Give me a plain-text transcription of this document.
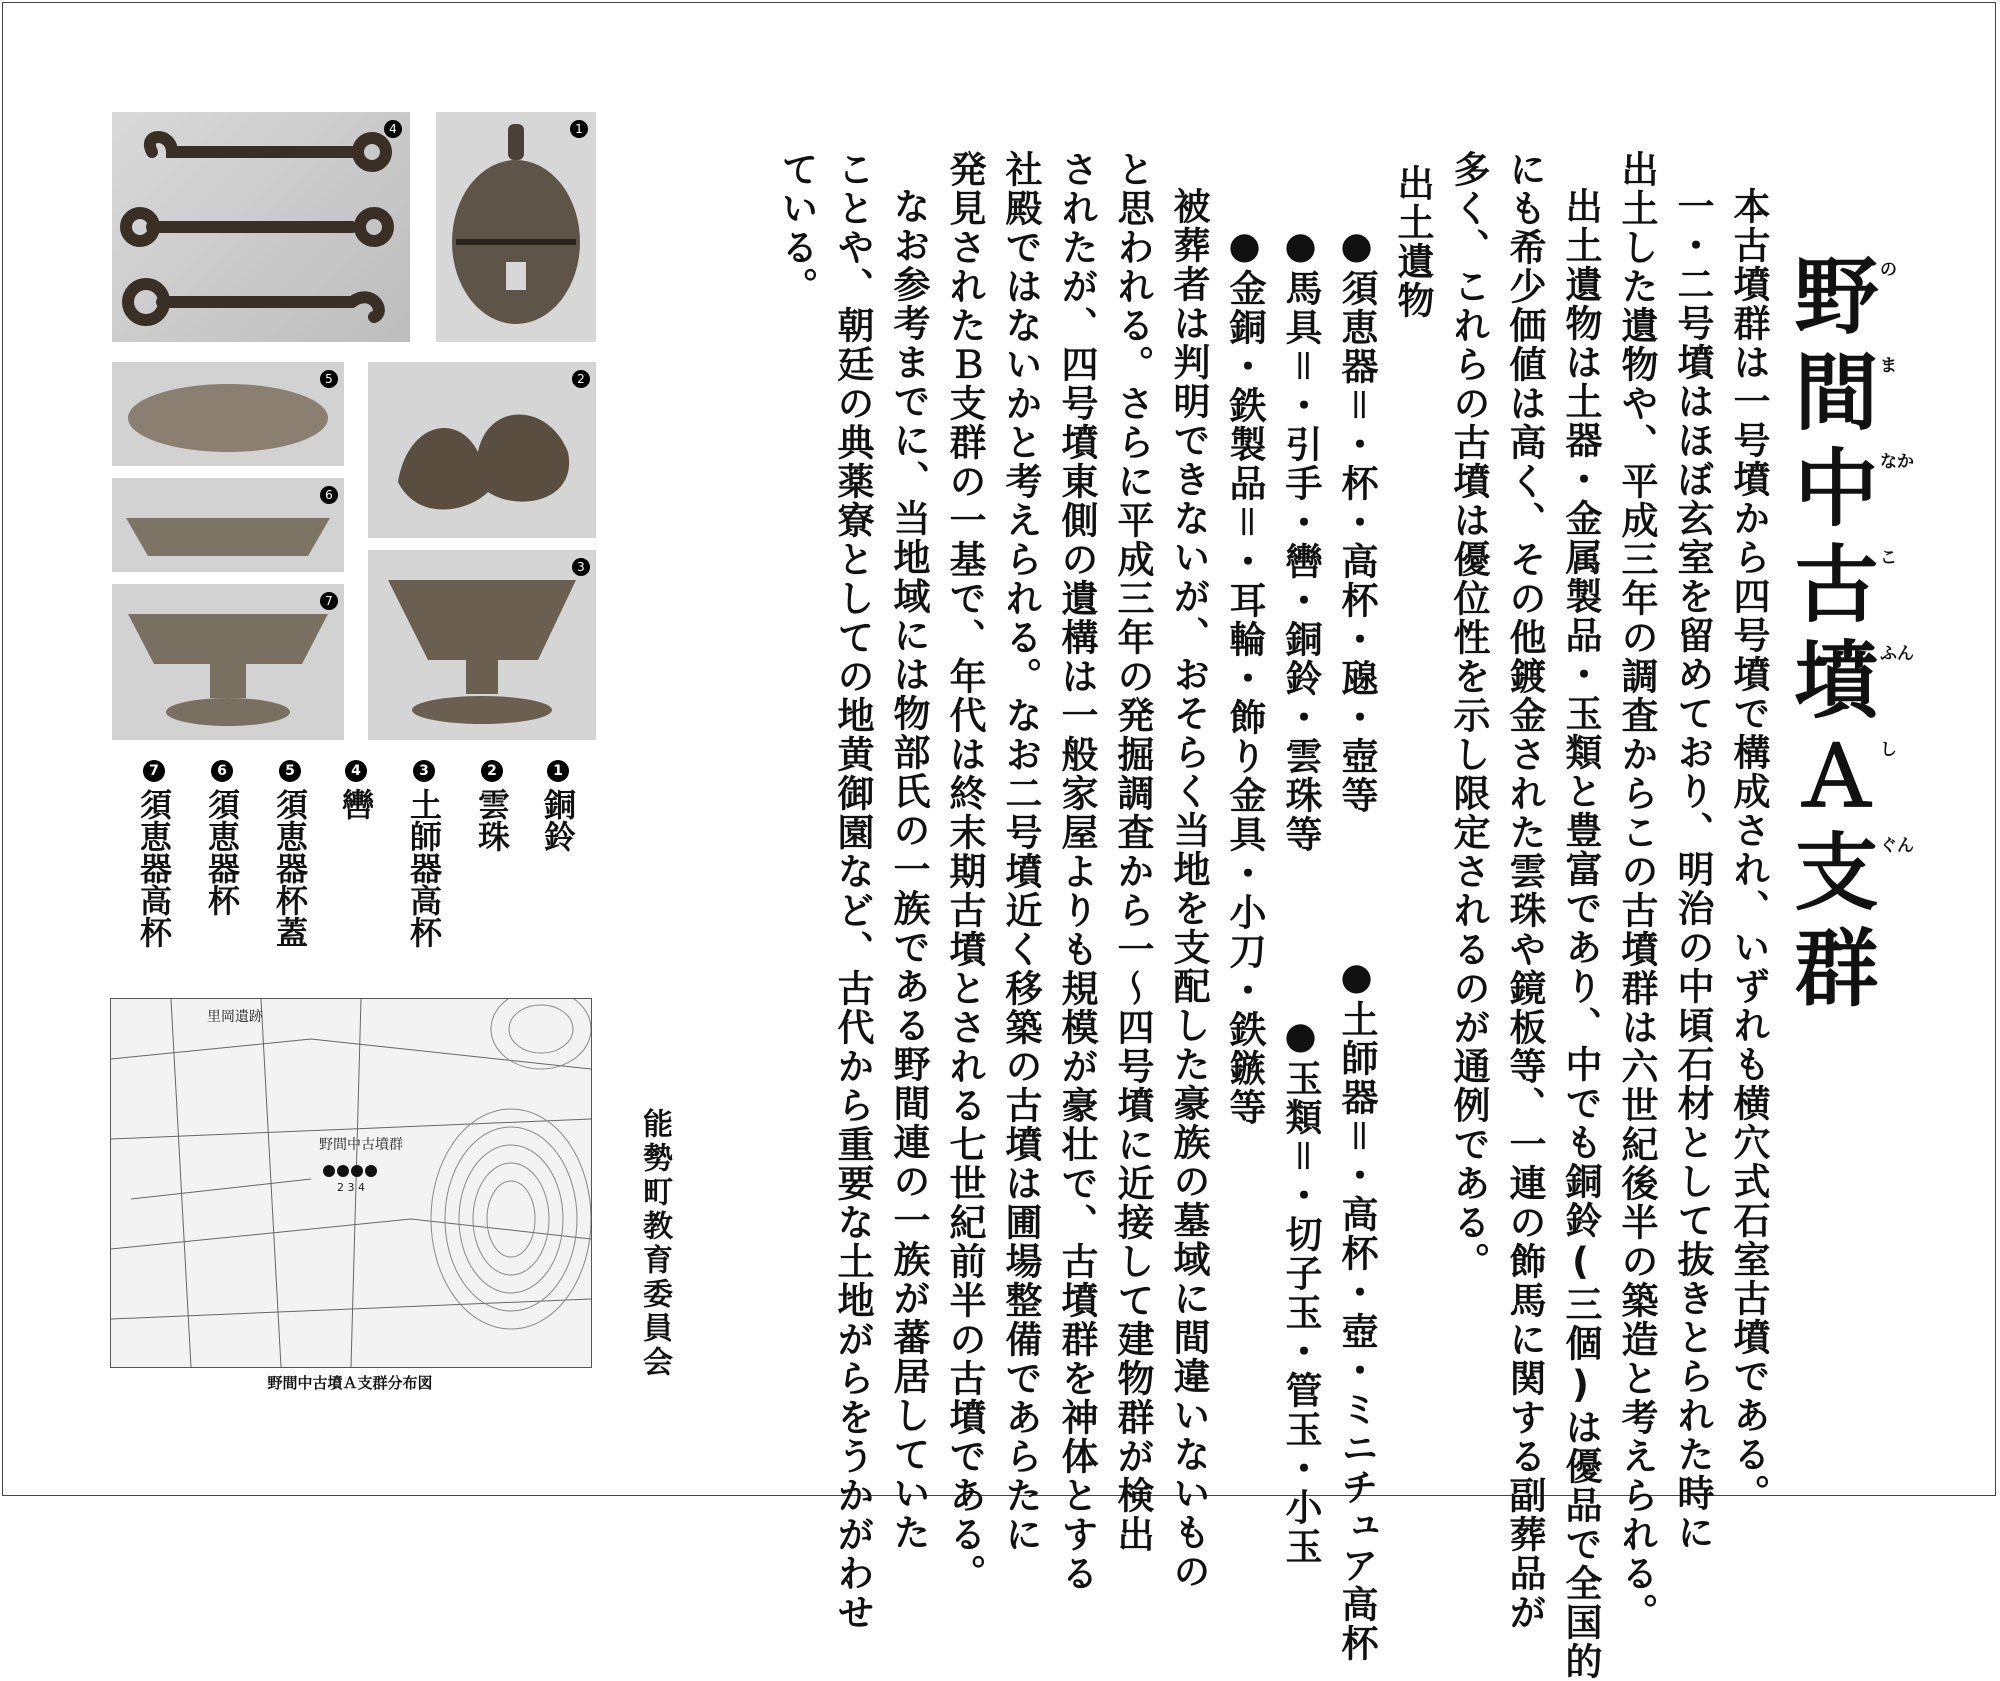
野間中古墳Ａ支群 の
ま
なか
こ
ふん
し
ぐん

本古墳群は一号墳から四号墳で構成され、いずれも横穴式石室古墳である。

一・二号墳はほぼ玄室を留めており、明治の中頃石材として抜きとられた時に

出土した遺物や、平成三年の調査からこの古墳群は六世紀後半の築造と考えられる。

出土遺物は土器・金属製品・玉類と豊富であり、中でも銅鈴(三個)は優品で全国的

にも希少価値は高く、その他鍍金された雲珠や鏡板等、一連の飾馬に関する副葬品が

多く、これらの古墳は優位性を示し限定されるのが通例である。

出土遺物

●須恵器＝・杯・高杯・𤭯・壺等●土師器＝・高杯・壺・ミニチュア高杯

●馬具＝・引手・轡・銅鈴・雲珠等●玉類＝・切子玉・管玉・小玉

●金銅・鉄製品＝・耳輪・飾り金具・小刀・鉄鏃等

被葬者は判明できないが、おそらく当地を支配した豪族の墓域に間違いないもの

と思われる。さらに平成三年の発掘調査から一～四号墳に近接して建物群が検出

されたが、四号墳東側の遺構は一般家屋よりも規模が豪壮で、古墳群を神体とする

社殿ではないかと考えられる。なお二号墳近く移築の古墳は圃場整備であらたに

発見されたＢ支群の一基で、年代は終末期古墳とされる七世紀前半の古墳である。

なお参考までに、当地域には物部氏の一族である野間連の一族が蕃居していた

ことや、朝廷の典薬寮としての地黄御園など、古代から重要な土地がらをうかがわせ

ている。

能勢町教育委員会
4	1
5	2
6
3
7
1銅鈴
2雲珠
3土師器高杯
4轡
5須恵器杯蓋
6須恵器杯
7須恵器高杯
里岡遺跡
野間中古墳群
2 3 4
野間中古墳Ａ支群分布図
